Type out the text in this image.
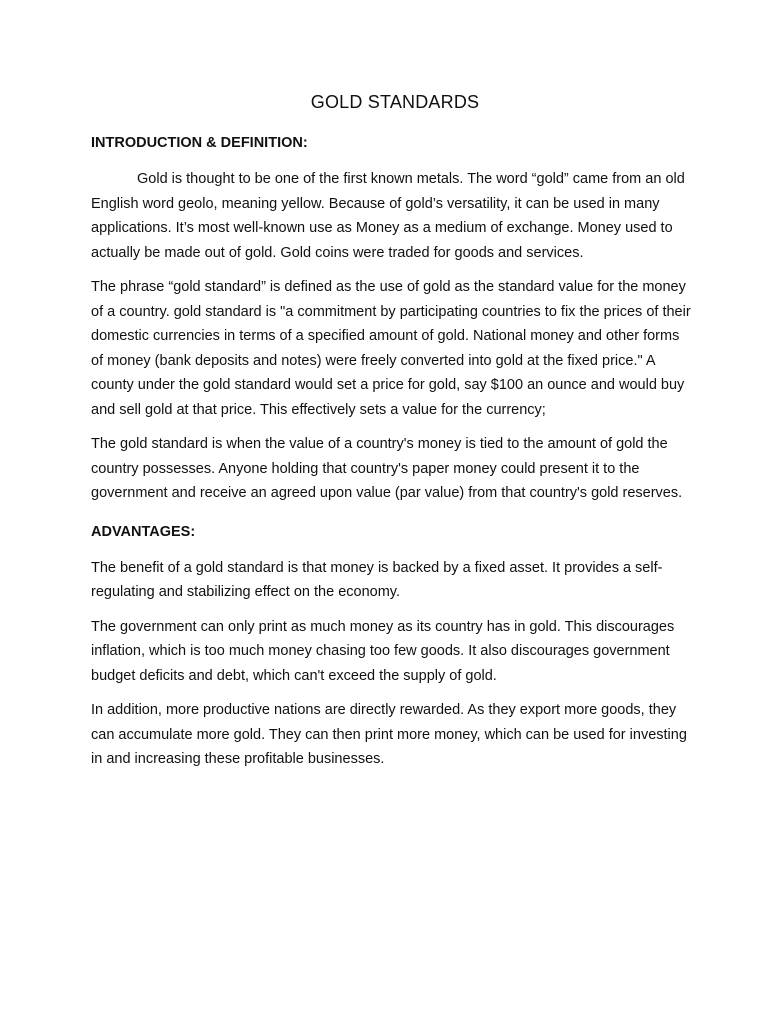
GOLD STANDARDS
INTRODUCTION & DEFINITION:

Gold is thought to be one of the first known metals. The word “gold” came from an old English word geolo, meaning yellow. Because of gold’s versatility, it can be used in many applications. It’s most well-known use as Money as a medium of exchange. Money used to actually be made out of gold. Gold coins were traded for goods and services.

The phrase “gold standard” is defined as the use of gold as the standard value for the money of a country. gold standard is "a commitment by participating countries to fix the prices of their domestic currencies in terms of a specified amount of gold. National money and other forms of money (bank deposits and notes) were freely converted into gold at the fixed price." A county under the gold standard would set a price for gold, say $100 an ounce and would buy and sell gold at that price. This effectively sets a value for the currency;

The gold standard is when the value of a country's money is tied to the amount of gold the country possesses. Anyone holding that country's paper money could present it to the government and receive an agreed upon value (par value) from that country's gold reserves.

ADVANTAGES:

The benefit of a gold standard is that money is backed by a fixed asset. It provides a self-regulating and stabilizing effect on the economy.

The government can only print as much money as its country has in gold. This discourages inflation, which is too much money chasing too few goods. It also discourages government budget deficits and debt, which can't exceed the supply of gold.

In addition, more productive nations are directly rewarded. As they export more goods, they can accumulate more gold. They can then print more money, which can be used for investing in and increasing these profitable businesses.
